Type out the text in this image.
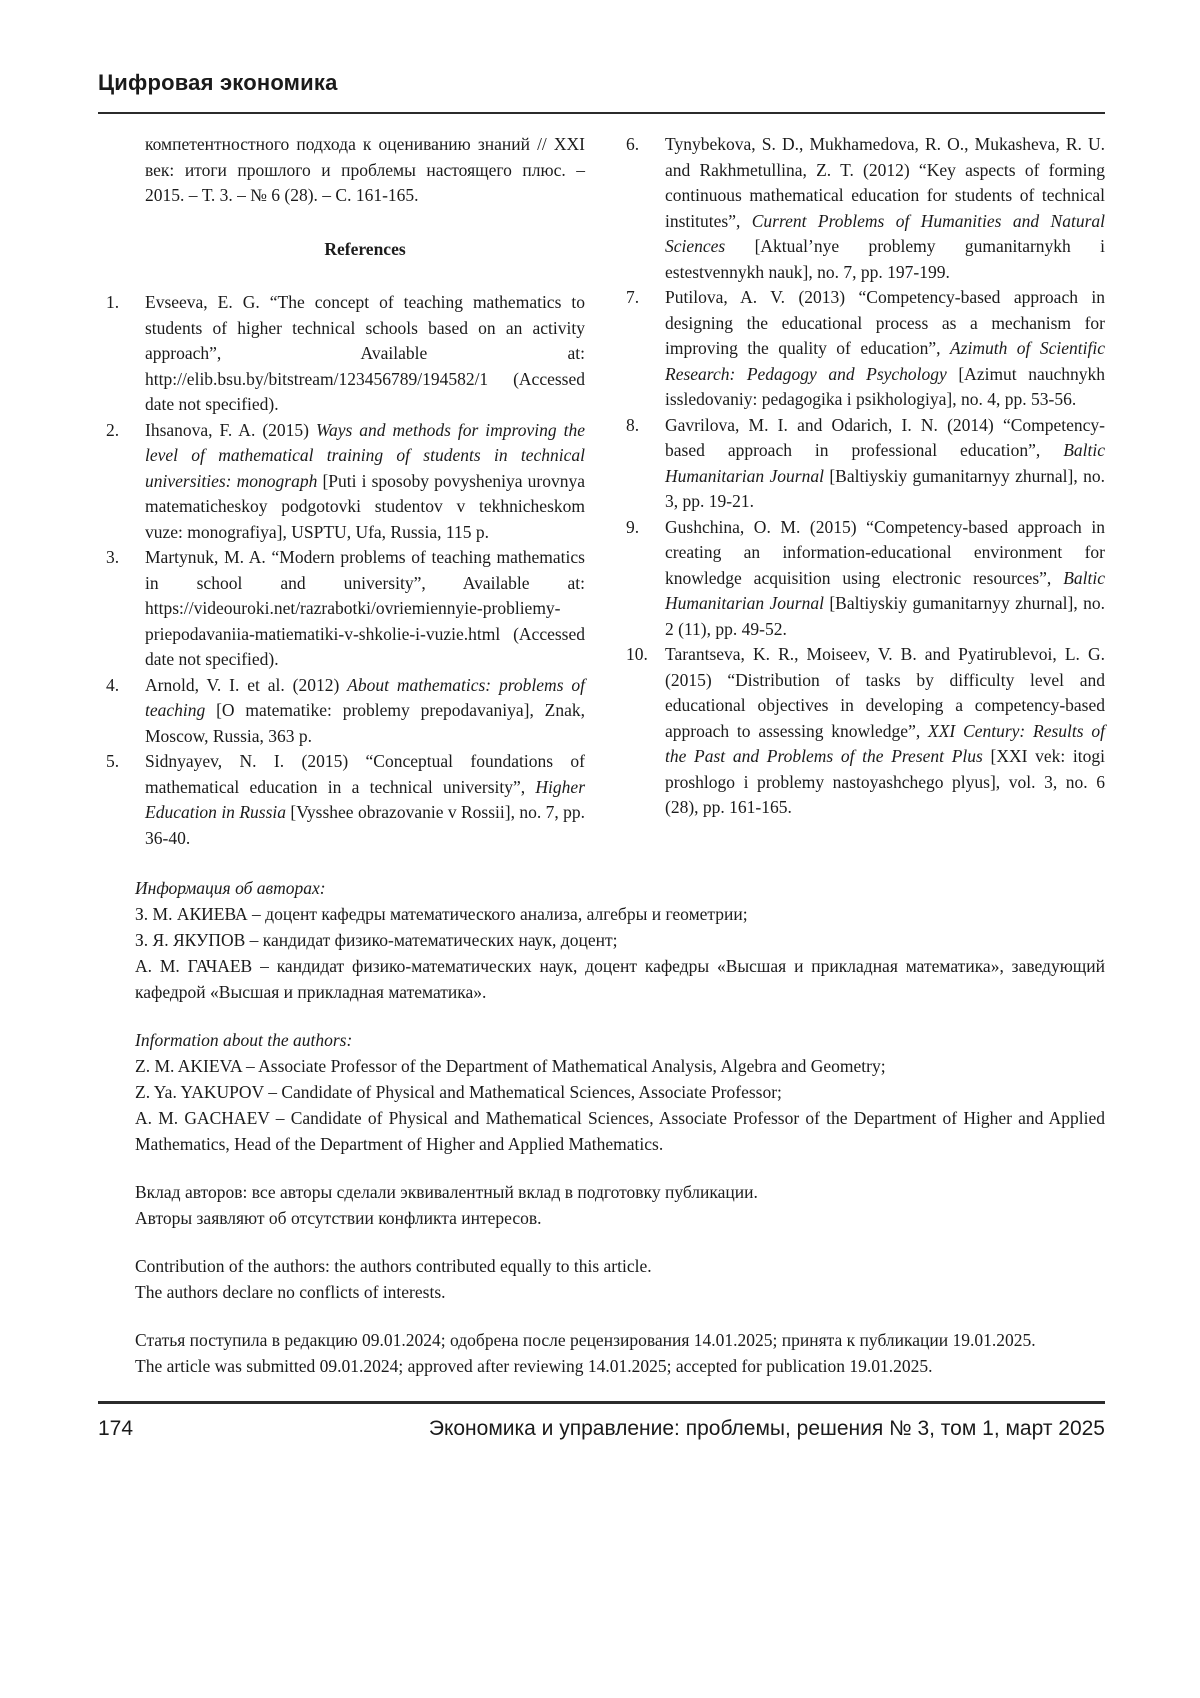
Цифровая экономика

компетентностного подхода к оцениванию знаний // XXI век: итоги прошлого и проблемы настоящего плюс. – 2015. – Т. 3. – № 6 (28). – С. 161-165.

References
1.	Evseeva, E. G. “The concept of teaching mathematics to students of higher technical schools based on an activity approach”, Available at: http://elib.bsu.by/bitstream/123456789/194582/1 (Accessed date not specified).
2.	Ihsanova, F. A. (2015) Ways and methods for improving the level of mathematical training of students in technical universities: monograph [Puti i sposoby povysheniya urovnya matematicheskoy podgotovki studentov v tekhnicheskom vuze: monografiya], USPTU, Ufa, Russia, 115 p.
3.	Martynuk, M. A. “Modern problems of teaching mathematics in school and university”, Available at: https://videouroki.net/razrabotki/ovriemiennyie-probliemy-priepodavaniia-matiematiki-v-shkolie-i-vuzie.html (Accessed date not specified).
4.	Arnold, V. I. et al. (2012) About mathematics: problems of teaching [O matematike: problemy prepodavaniya], Znak, Moscow, Russia, 363 p.
5.	Sidnyayev, N. I. (2015) “Conceptual foundations of mathematical education in a technical university”, Higher Education in Russia [Vysshee obrazovanie v Rossii], no. 7, pp. 36-40.
6.	Tynybekova, S. D., Mukhamedova, R. O., Mukasheva, R. U. and Rakhmetullina, Z. T. (2012) “Key aspects of forming continuous mathematical education for students of technical institutes”, Current Problems of Humanities and Natural Sciences [Aktual’nye problemy gumanitarnykh i estestvennykh nauk], no. 7, pp. 197-199.
7.	Putilova, A. V. (2013) “Competency-based approach in designing the educational process as a mechanism for improving the quality of education”, Azimuth of Scientific Research: Pedagogy and Psychology [Azimut nauchnykh issledovaniy: pedagogika i psikhologiya], no. 4, pp. 53-56.
8.	Gavrilova, M. I. and Odarich, I. N. (2014) “Competency-based approach in professional education”, Baltic Humanitarian Journal [Baltiyskiy gumanitarnyy zhurnal], no. 3, pp. 19-21.
9.	Gushchina, O. M. (2015) “Competency-based approach in creating an information-educational environment for knowledge acquisition using electronic resources”, Baltic Humanitarian Journal [Baltiyskiy gumanitarnyy zhurnal], no. 2 (11), pp. 49-52.
10. Tarantseva, K. R., Moiseev, V. B. and Pyatirublevoi, L. G. (2015) “Distribution of tasks by difficulty level and educational objectives in developing a competency-based approach to assessing knowledge”, XXI Century: Results of the Past and Problems of the Present Plus [XXI vek: itogi proshlogo i problemy nastoyashchego plyus], vol. 3, no. 6 (28), pp. 161-165.

Информация об авторах:

З. М. АКИЕВА – доцент кафедры математического анализа, алгебры и геометрии;

З. Я. ЯКУПОВ – кандидат физико-математических наук, доцент;

А. М. ГАЧАЕВ – кандидат физико-математических наук, доцент кафедры «Высшая и прикладная математика», заведующий кафедрой «Высшая и прикладная математика».

Information about the authors:

Z. M. AKIEVA – Associate Professor of the Department of Mathematical Analysis, Algebra and Geometry;

Z. Ya. YAKUPOV – Candidate of Physical and Mathematical Sciences, Associate Professor;

A. M. GACHAEV – Candidate of Physical and Mathematical Sciences, Associate Professor of the Department of Higher and Applied Mathematics, Head of the Department of Higher and Applied Mathematics.

Вклад авторов: все авторы сделали эквивалентный вклад в подготовку публикации.

Авторы заявляют об отсутствии конфликта интересов.

Contribution of the authors: the authors contributed equally to this article.

The authors declare no conflicts of interests.

Статья поступила в редакцию 09.01.2024; одобрена после рецензирования 14.01.2025; принята к публикации 19.01.2025.

The article was submitted 09.01.2024; approved after reviewing 14.01.2025; accepted for publication 19.01.2025.

174	Экономика и управление: проблемы, решения № 3, том 1, март 2025
